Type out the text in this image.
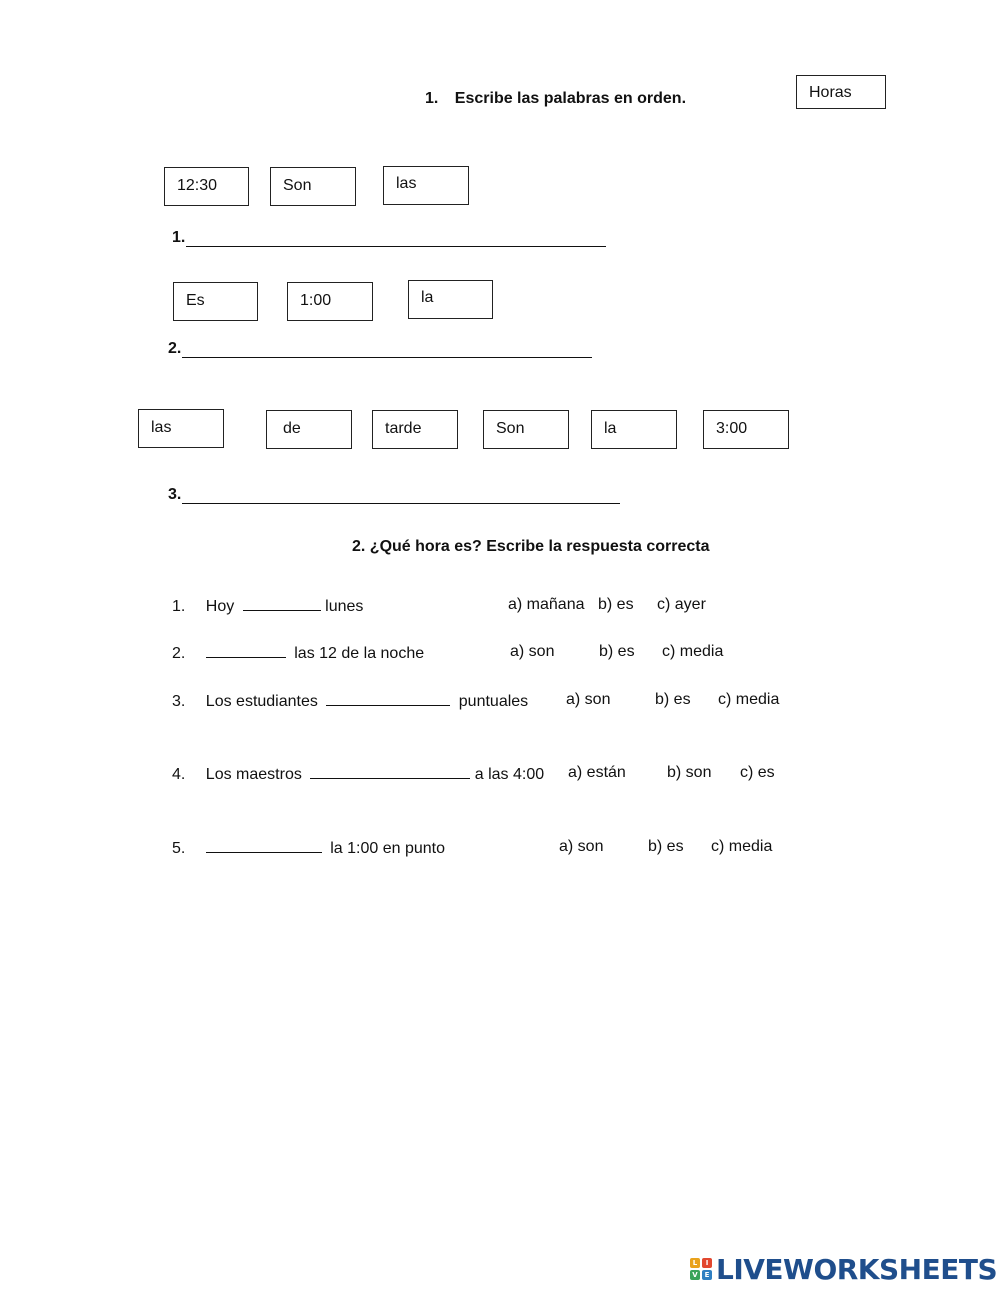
1. Escribe las palabras en orden.	Horas
12:30	Son	las
1.
Es	1:00	la
2.
las	de	tarde	Son	la	3:00
3.
2. ¿Qué hora es? Escribe la respuesta correcta
1. Hoy	lunes	a) mañana b) es c) ayer
2.	las 12 de la noche	a) son	b) es c) media
3. Los estudiantes	puntuales a) son	b) es c) media
4. Los maestros	a las 4:00 a) están	b) son c) es
5.	la 1:00 en punto	a) son	b) es c) media
L	I
V E LIVEWORKSHEETS
